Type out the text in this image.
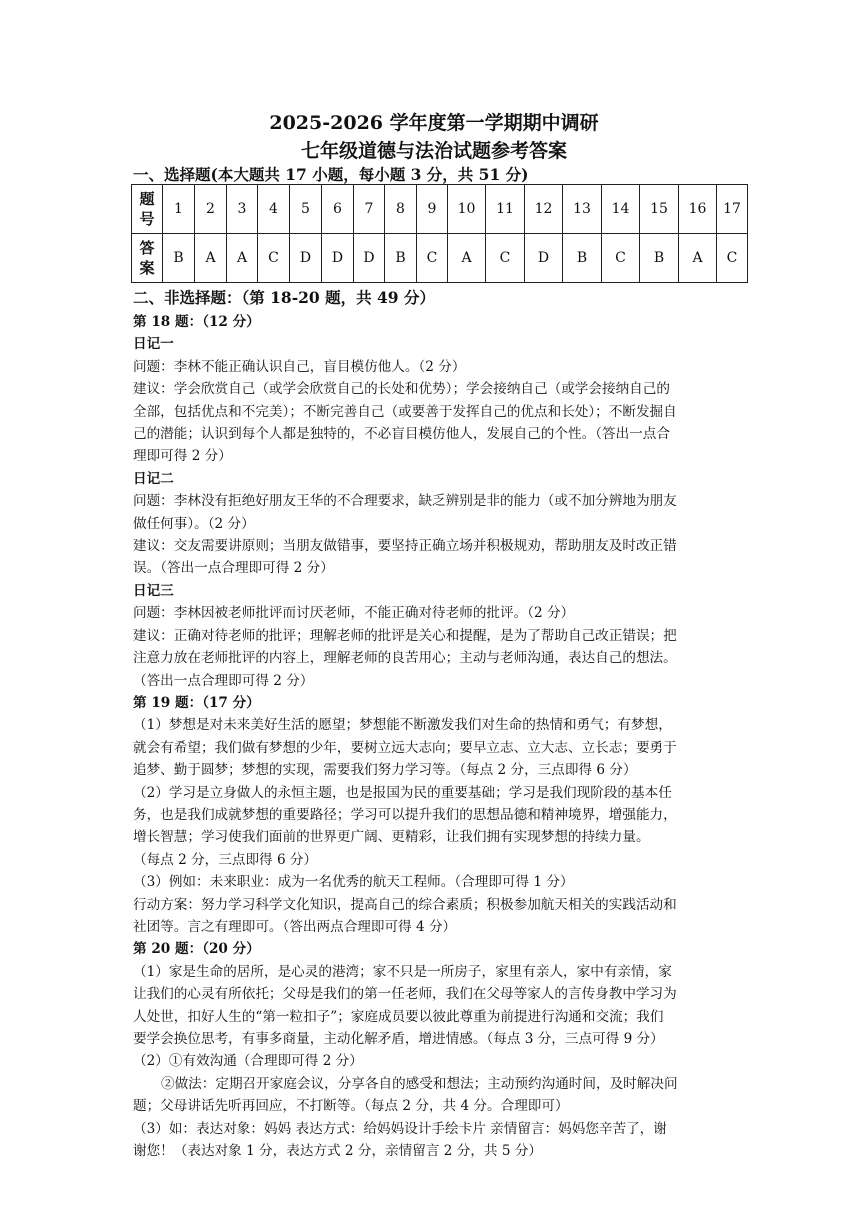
2025-2026 学年度第一学期期中调研
七年级道德与法治试题参考答案
一、选择题(本大题共 17 小题，每小题 3 分，共 51 分)
题号	1	2	3	4	5	6	7	8	9	10	11	12	13	14	15	16	17
答案	B	A	A	C	D	D	D	B	C	A	C	D	B	C	B	A	C
二、非选择题：（第 18-20 题，共 49 分）

第 18 题：（12 分）

日记一

问题：李林不能正确认识自己，盲目模仿他人。（2 分）

建议：学会欣赏自己（或学会欣赏自己的长处和优势）；学会接纳自己（或学会接纳自己的

全部，包括优点和不完美）；不断完善自己（或要善于发挥自己的优点和长处）；不断发掘自

己的潜能；认识到每个人都是独特的，不必盲目模仿他人，发展自己的个性。（答出一点合

理即可得 2 分）

日记二

问题：李林没有拒绝好朋友王华的不合理要求，缺乏辨别是非的能力（或不加分辨地为朋友

做任何事）。（2 分）

建议：交友需要讲原则；当朋友做错事，要坚持正确立场并积极规劝，帮助朋友及时改正错

误。（答出一点合理即可得 2 分）

日记三

问题：李林因被老师批评而讨厌老师，不能正确对待老师的批评。（2 分）

建议：正确对待老师的批评；理解老师的批评是关心和提醒，是为了帮助自己改正错误；把

注意力放在老师批评的内容上，理解老师的良苦用心；主动与老师沟通，表达自己的想法。

（答出一点合理即可得 2 分）

第 19 题：（17 分）

（1）梦想是对未来美好生活的愿望；梦想能不断激发我们对生命的热情和勇气；有梦想，

就会有希望；我们做有梦想的少年，要树立远大志向；要早立志、立大志、立长志；要勇于

追梦、勤于圆梦；梦想的实现，需要我们努力学习等。（每点 2 分，三点即得 6 分）

（2）学习是立身做人的永恒主题，也是报国为民的重要基础；学习是我们现阶段的基本任

务，也是我们成就梦想的重要路径；学习可以提升我们的思想品德和精神境界，增强能力，

增长智慧；学习使我们面前的世界更广阔、更精彩，让我们拥有实现梦想的持续力量。

（每点 2 分，三点即得 6 分）

（3）例如：未来职业：成为一名优秀的航天工程师。（合理即可得 1 分）

行动方案：努力学习科学文化知识，提高自己的综合素质；积极参加航天相关的实践活动和

社团等。言之有理即可。（答出两点合理即可得 4 分）

第 20 题：（20 分）

（1）家是生命的居所，是心灵的港湾；家不只是一所房子，家里有亲人，家中有亲情，家

让我们的心灵有所依托；父母是我们的第一任老师，我们在父母等家人的言传身教中学习为

人处世，扣好人生的“第一粒扣子”；家庭成员要以彼此尊重为前提进行沟通和交流；我们

要学会换位思考，有事多商量，主动化解矛盾，增进情感。（每点 3 分，三点可得 9 分）

（2）①有效沟通（合理即可得 2 分）

②做法：定期召开家庭会议，分享各自的感受和想法；主动预约沟通时间，及时解决问

题；父母讲话先听再回应，不打断等。（每点 2 分，共 4 分。合理即可）

（3）如：表达对象：妈妈 表达方式：给妈妈设计手绘卡片 亲情留言：妈妈您辛苦了，谢

谢您！（表达对象 1 分，表达方式 2 分，亲情留言 2 分，共 5 分）
